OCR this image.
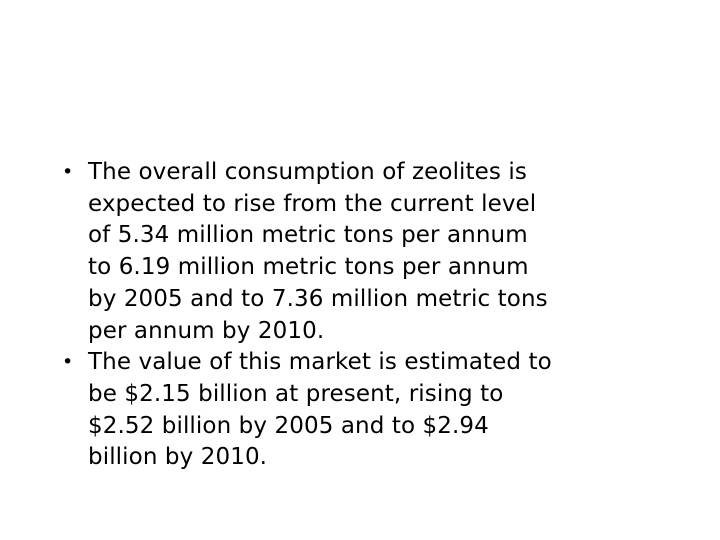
• The overall consumption of zeolites is
expected to rise from the current level
of 5.34 million metric tons per annum
to 6.19 million metric tons per annum
by 2005 and to 7.36 million metric tons
per annum by 2010.
• The value of this market is estimated to
be $2.15 billion at present, rising to
$2.52 billion by 2005 and to $2.94
billion by 2010.
